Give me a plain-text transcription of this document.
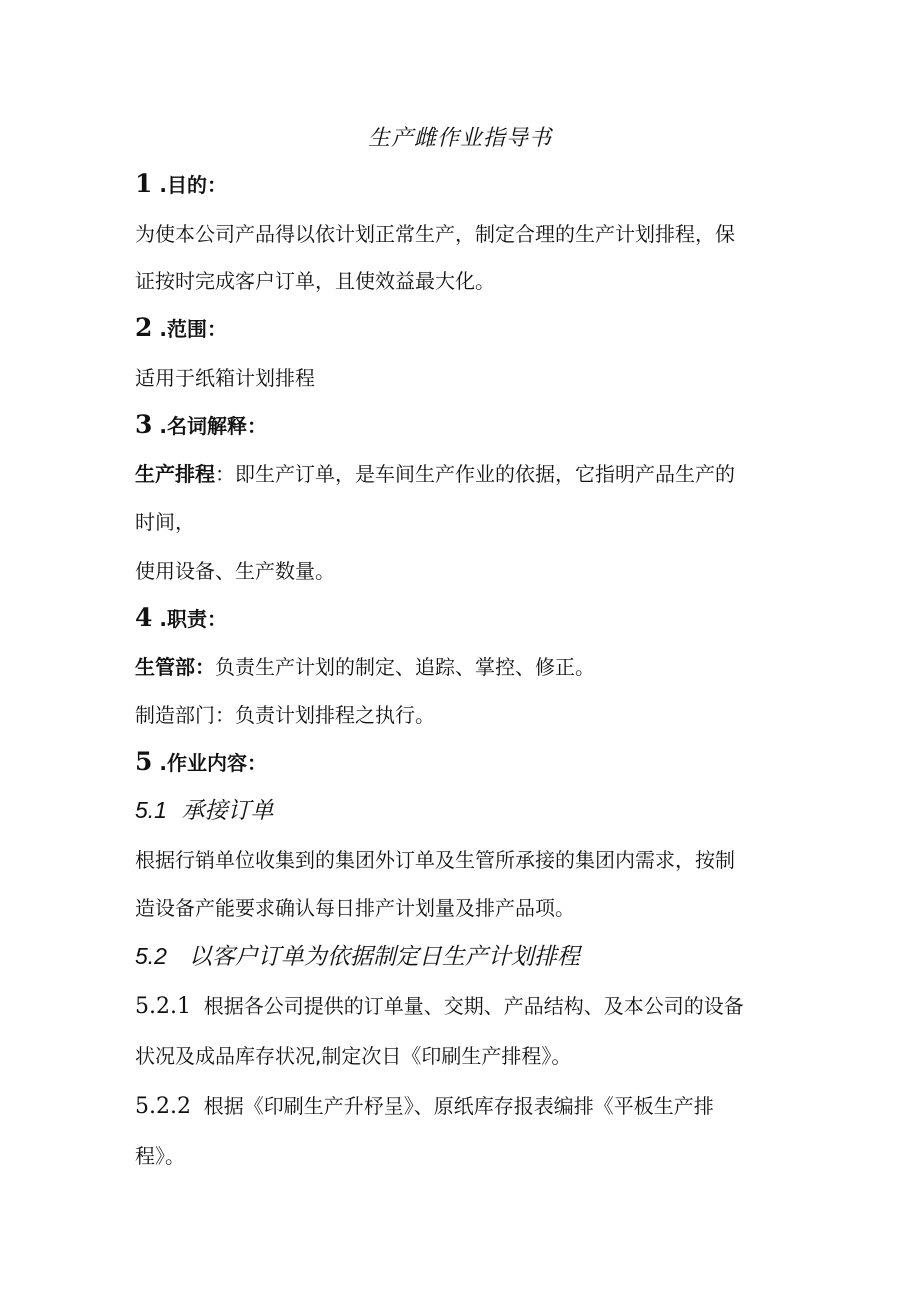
生产雌作业指导书
1 .目的：
为使本公司产品得以依计划正常生产，制定合理的生产计划排程，保
证按时完成客户订单，且使效益最大化。
2 .范围：
适用于纸箱计划排程
3 .名词解释：
生产排程：即生产订单，是车间生产作业的依据，它指明产品生产的
时间，
使用设备、生产数量。
4 .职责：
生管部：负责生产计划的制定、追踪、掌控、修正。
制造部门：负责计划排程之执行。
5 .作业内容：
5.1 承接订单
根据行销单位收集到的集团外订单及生管所承接的集团内需求，按制
造设备产能要求确认每日排产计划量及排产品项。
5.2 以客户订单为依据制定日生产计划排程
5.2.1 根据各公司提供的订单量、交期、产品结构、及本公司的设备
状况及成品库存状况,制定次日《印刷生产排程》。
5.2.2 根据《印刷生产升杼呈》、原纸库存报表编排《平板生产排
程》。
